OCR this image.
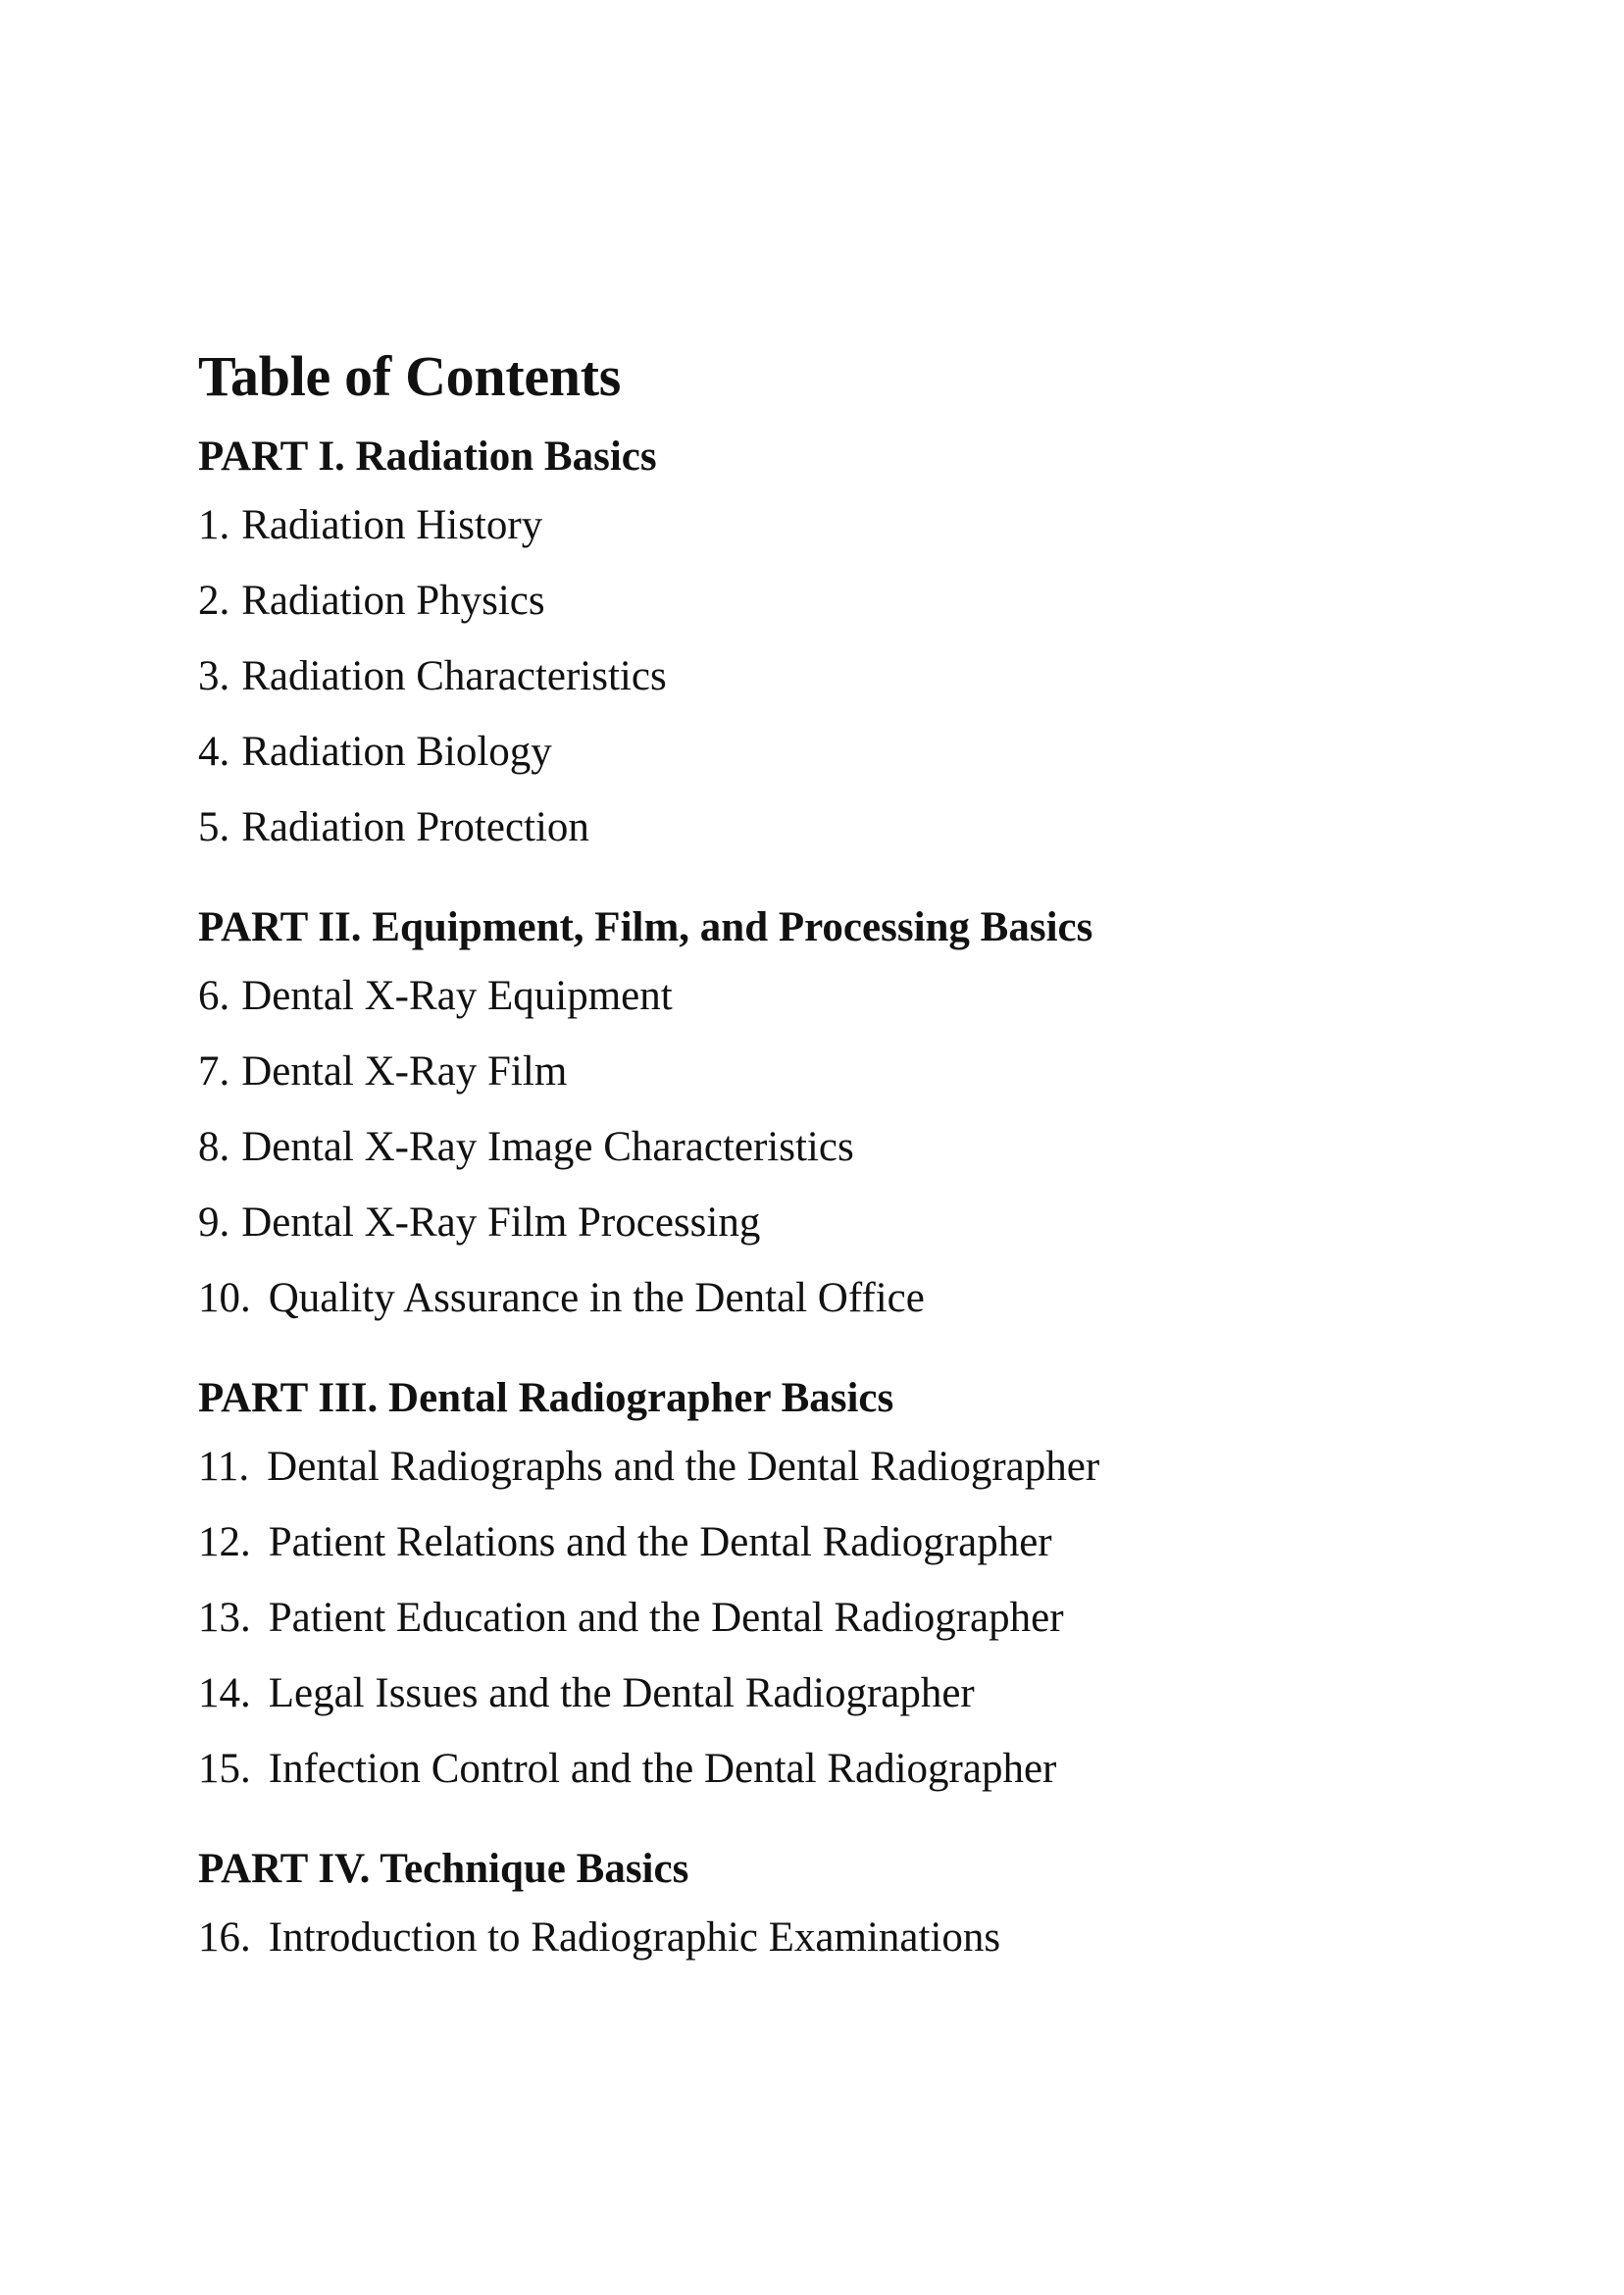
Table of Contents
PART I. Radiation Basics
1. Radiation History
2. Radiation Physics
3. Radiation Characteristics
4. Radiation Biology
5. Radiation Protection
PART II. Equipment, Film, and Processing Basics
6. Dental X-Ray Equipment
7. Dental X-Ray Film
8. Dental X-Ray Image Characteristics
9. Dental X-Ray Film Processing
10. Quality Assurance in the Dental Office
PART III. Dental Radiographer Basics
11. Dental Radiographs and the Dental Radiographer
12. Patient Relations and the Dental Radiographer
13. Patient Education and the Dental Radiographer
14. Legal Issues and the Dental Radiographer
15. Infection Control and the Dental Radiographer
PART IV. Technique Basics
16. Introduction to Radiographic Examinations
